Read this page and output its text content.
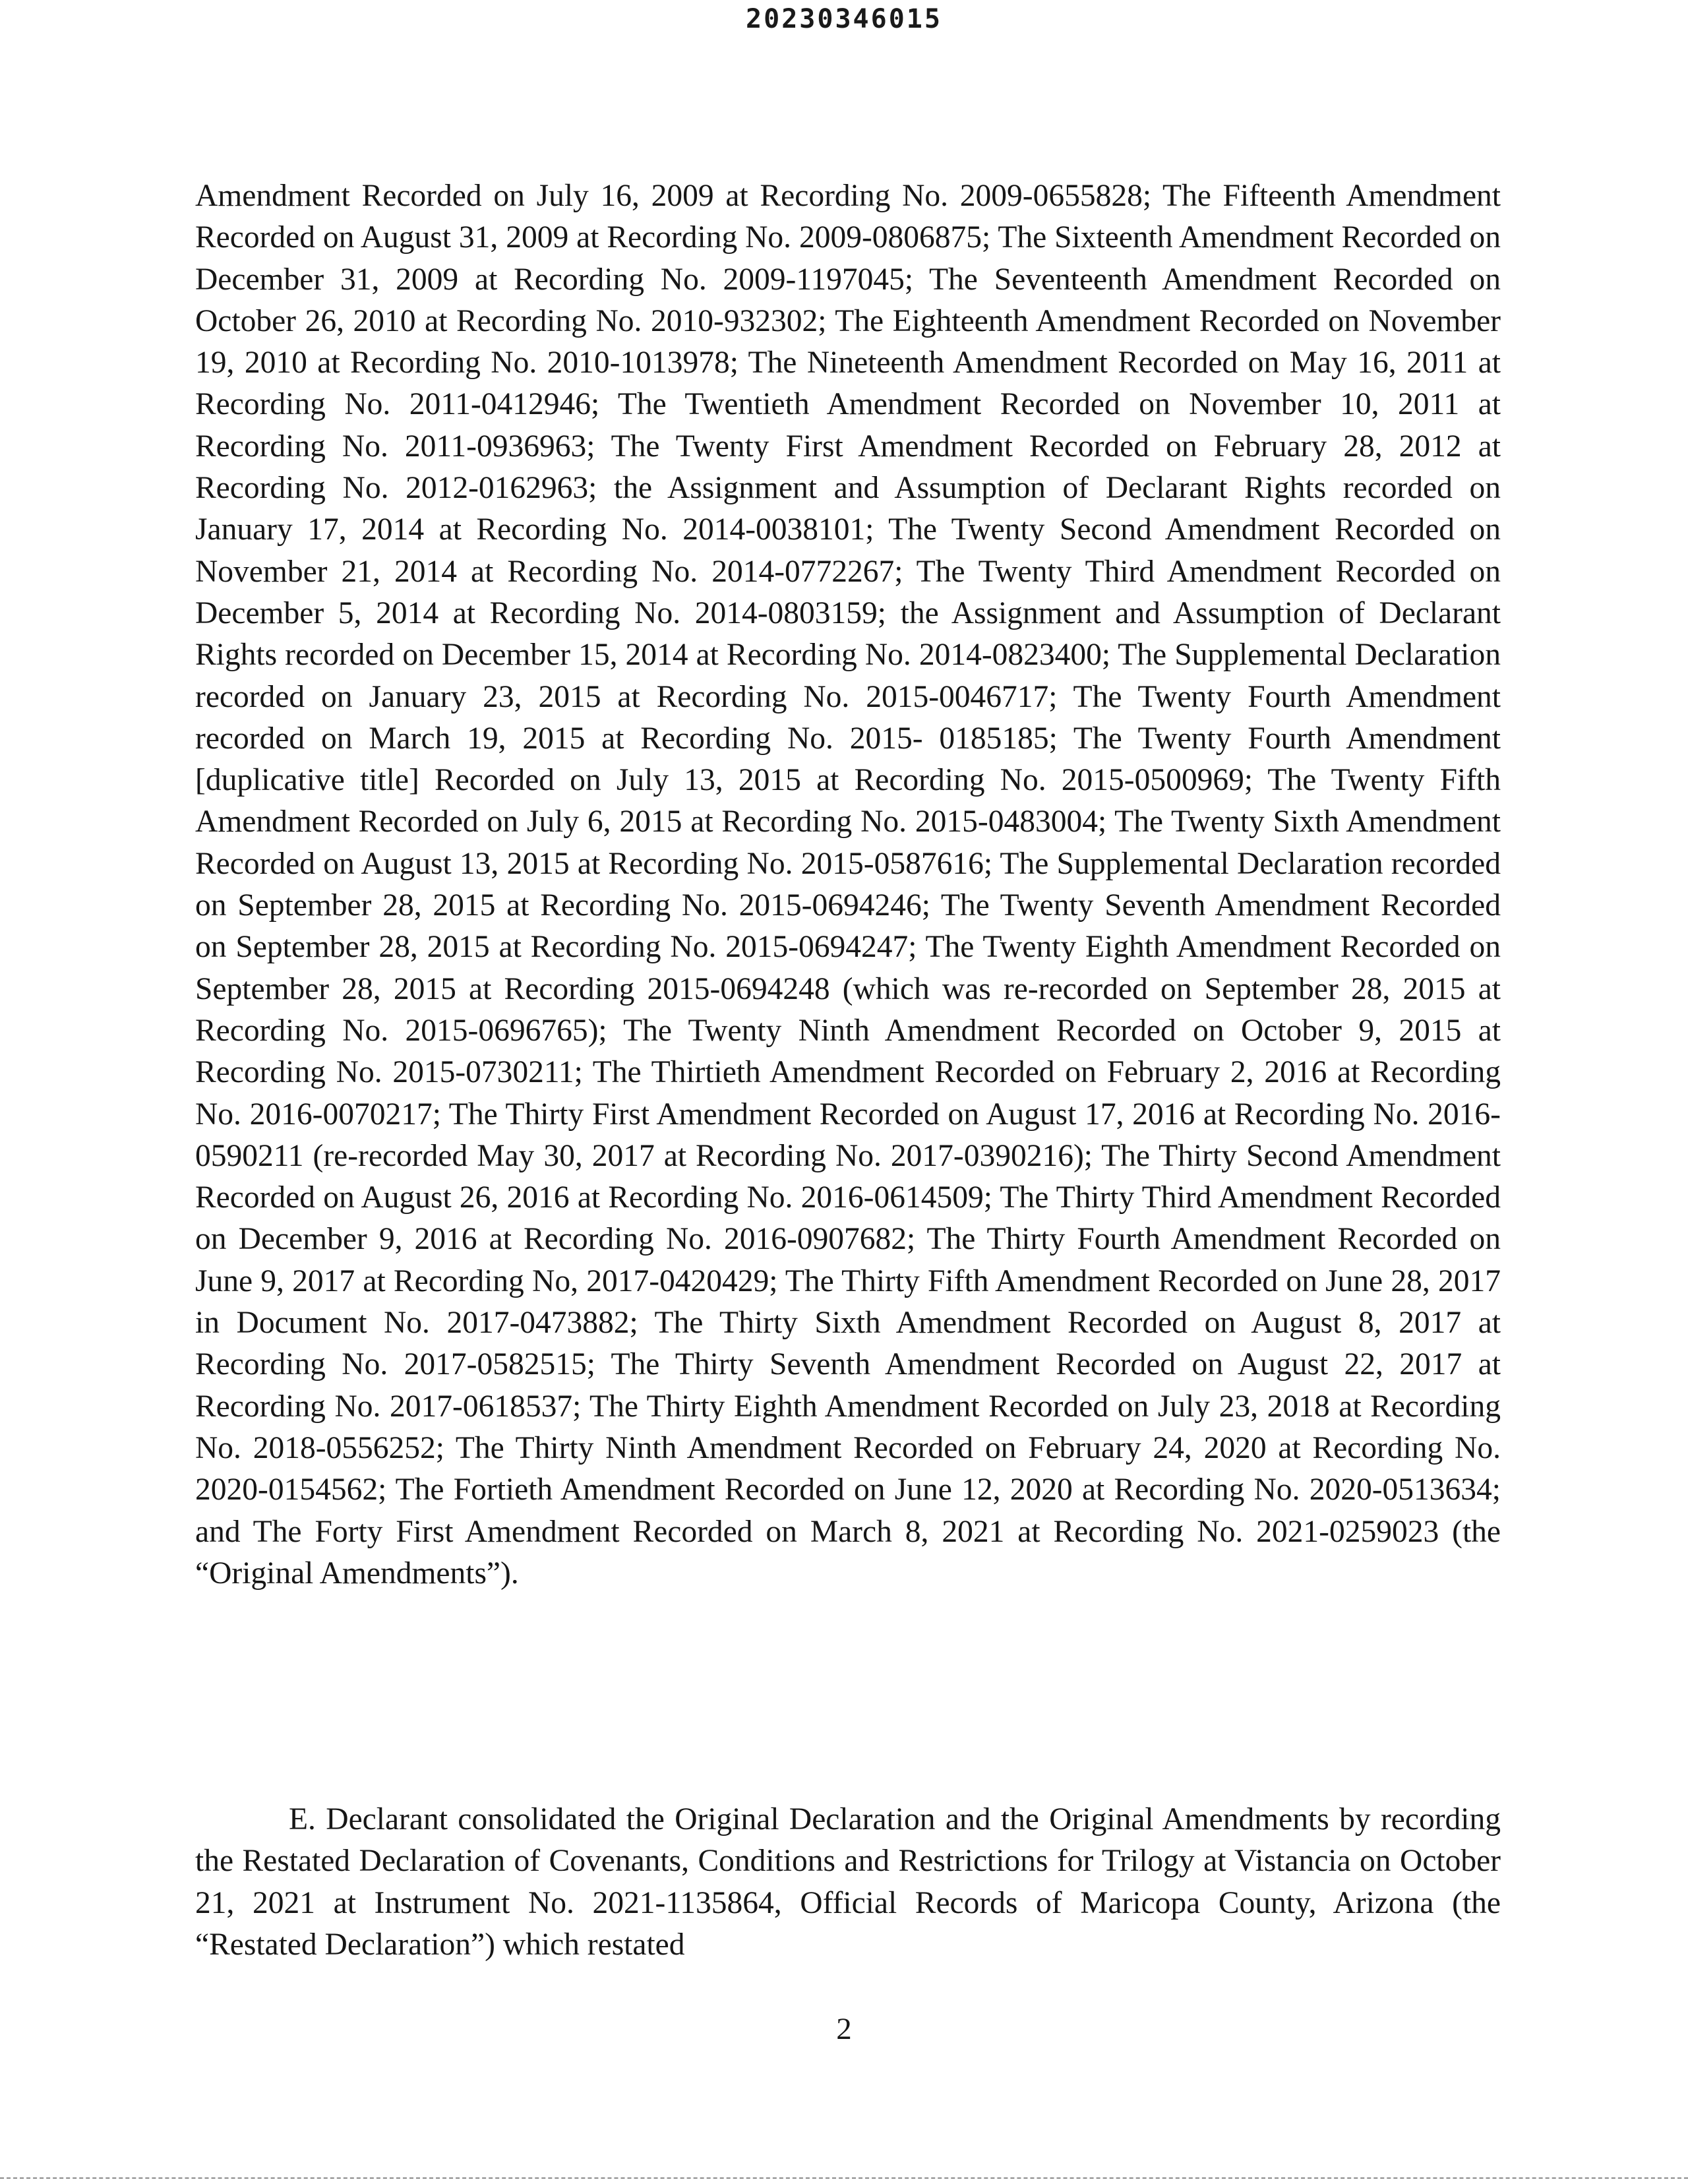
20230346015

Amendment Recorded on July 16, 2009 at Recording No. 2009-0655828; The Fifteenth Amendment Recorded on August 31, 2009 at Recording No. 2009-0806875; The Sixteenth Amendment Recorded on December 31, 2009 at Recording No. 2009-1197045; The Seventeenth Amendment Recorded on October 26, 2010 at Recording No. 2010-932302; The Eighteenth Amendment Recorded on November 19, 2010 at Recording No. 2010-1013978; The Nineteenth Amendment Recorded on May 16, 2011 at Recording No. 2011-0412946; The Twentieth Amendment Recorded on November 10, 2011 at Recording No. 2011-0936963; The Twenty First Amendment Recorded on February 28, 2012 at Recording No. 2012-0162963; the Assignment and Assumption of Declarant Rights recorded on January 17, 2014 at Recording No. 2014-0038101; The Twenty Second Amendment Recorded on November 21, 2014 at Recording No. 2014-0772267; The Twenty Third Amendment Recorded on December 5, 2014 at Recording No. 2014-0803159; the Assignment and Assumption of Declarant Rights recorded on December 15, 2014 at Recording No. 2014-0823400; The Supplemental Declaration recorded on January 23, 2015 at Recording No. 2015-0046717; The Twenty Fourth Amendment recorded on March 19, 2015 at Recording No. 2015- 0185185; The Twenty Fourth Amendment [duplicative title] Recorded on July 13, 2015 at Recording No. 2015-0500969; The Twenty Fifth Amendment Recorded on July 6, 2015 at Recording No. 2015-0483004; The Twenty Sixth Amendment Recorded on August 13, 2015 at Recording No. 2015-0587616; The Supplemental Declaration recorded on September 28, 2015 at Recording No. 2015-0694246; The Twenty Seventh Amendment Recorded on September 28, 2015 at Recording No. 2015-0694247; The Twenty Eighth Amendment Recorded on September 28, 2015 at Recording 2015-0694248 (which was re-recorded on September 28, 2015 at Recording No. 2015-0696765); The Twenty Ninth Amendment Recorded on October 9, 2015 at Recording No. 2015-0730211; The Thirtieth Amendment Recorded on February 2, 2016 at Recording No. 2016-0070217; The Thirty First Amendment Recorded on August 17, 2016 at Recording No. 2016-0590211 (re-recorded May 30, 2017 at Recording No. 2017-0390216); The Thirty Second Amendment Recorded on August 26, 2016 at Recording No. 2016-0614509; The Thirty Third Amendment Recorded on December 9, 2016 at Recording No. 2016-0907682; The Thirty Fourth Amendment Recorded on June 9, 2017 at Recording No, 2017-0420429; The Thirty Fifth Amendment Recorded on June 28, 2017 in Document No. 2017-0473882; The Thirty Sixth Amendment Recorded on August 8, 2017 at Recording No. 2017-0582515; The Thirty Seventh Amendment Recorded on August 22, 2017 at Recording No. 2017-0618537; The Thirty Eighth Amendment Recorded on July 23, 2018 at Recording No. 2018-0556252; The Thirty Ninth Amendment Recorded on February 24, 2020 at Recording No. 2020-0154562; The Fortieth Amendment Recorded on June 12, 2020 at Recording No. 2020-0513634; and The Forty First Amendment Recorded on March 8, 2021 at Recording No. 2021-0259023 (the “Original Amendments”).

E. Declarant consolidated the Original Declaration and the Original Amendments by recording the Restated Declaration of Covenants, Conditions and Restrictions for Trilogy at Vistancia on October 21, 2021 at Instrument No. 2021-1135864, Official Records of Maricopa County, Arizona (the “Restated Declaration”) which restated

2
